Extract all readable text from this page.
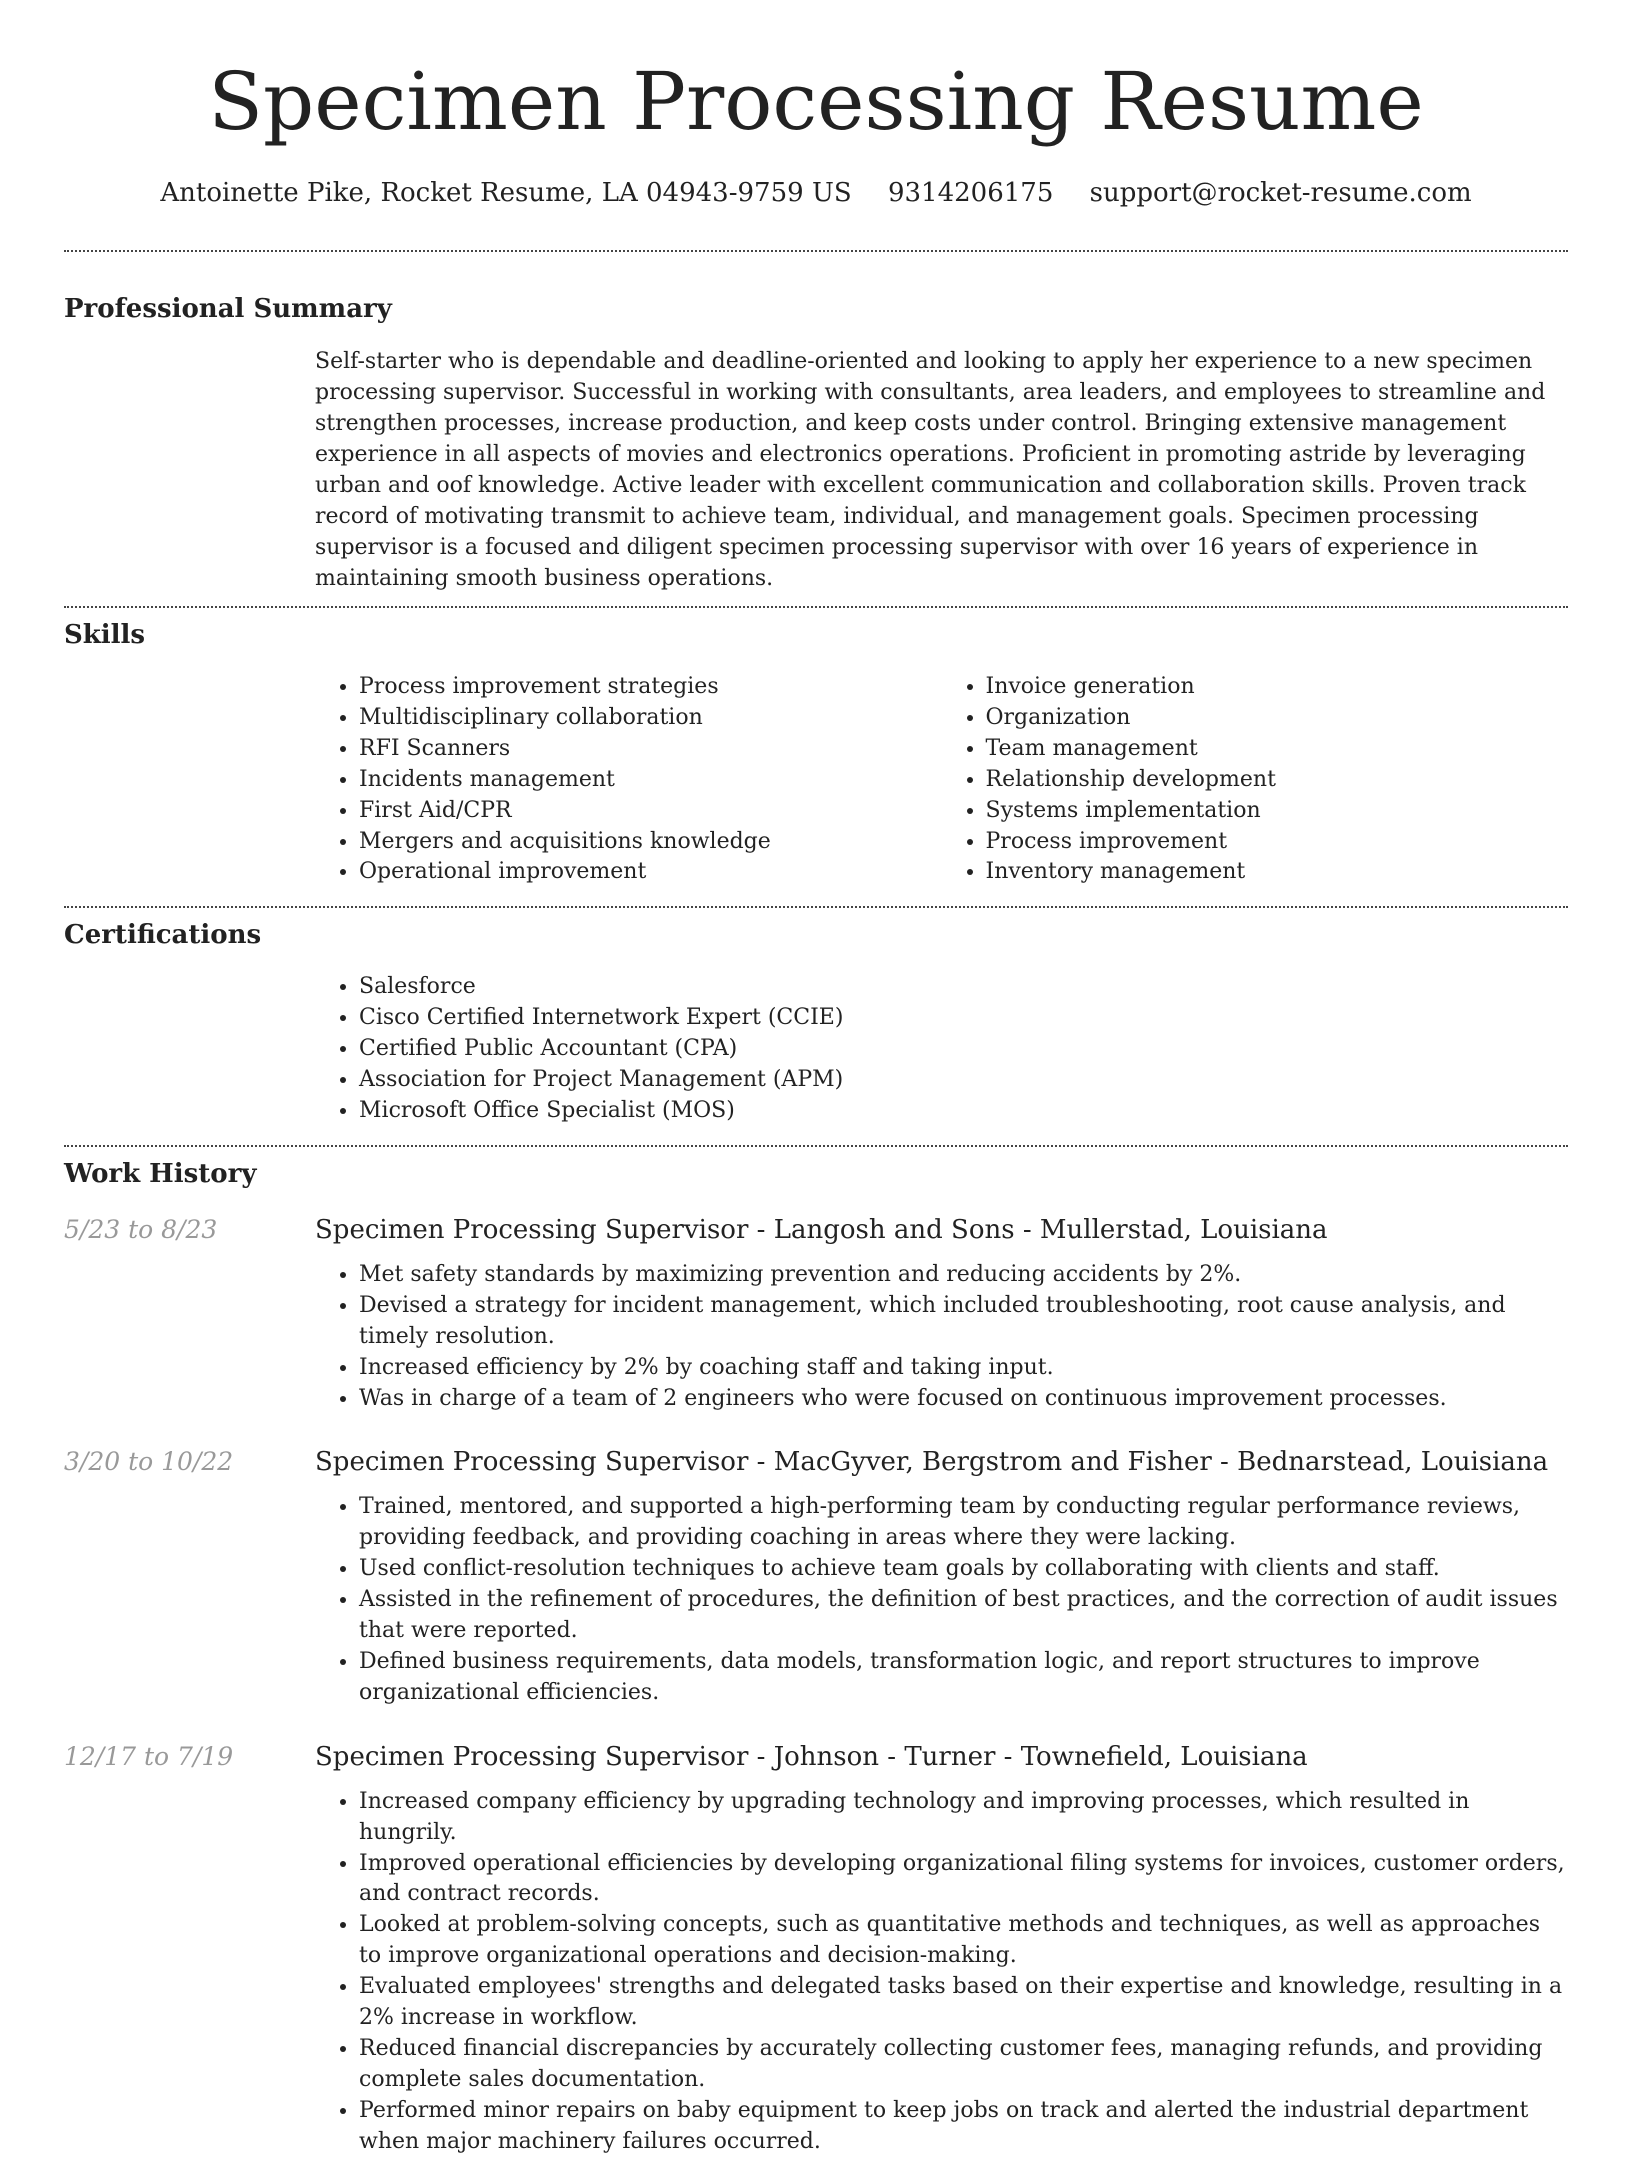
Specimen Processing Resume
Antoinette Pike, Rocket Resume, LA 04943-9759 US 9314206175 support@rocket-resume.com
Professional Summary
Self-starter who is dependable and deadline-oriented and looking to apply her experience to a new specimen processing supervisor. Successful in working with consultants, area leaders, and employees to streamline and strengthen processes, increase production, and keep costs under control. Bringing extensive management experience in all aspects of movies and electronics operations. Proficient in promoting astride by leveraging urban and oof knowledge. Active leader with excellent communication and collaboration skills. Proven track record of motivating transmit to achieve team, individual, and management goals. Specimen processing supervisor is a focused and diligent specimen processing supervisor with over 16 years of experience in maintaining smooth business operations.
Skills
• Process improvement strategies
• Multidisciplinary collaboration
• RFI Scanners
• Incidents management
• First Aid/CPR
• Mergers and acquisitions knowledge
• Operational improvement
• Invoice generation
• Organization
• Team management
• Relationship development
• Systems implementation
• Process improvement
• Inventory management
Certifications
• Salesforce
• Cisco Certified Internetwork Expert (CCIE)
• Certified Public Accountant (CPA)
• Association for Project Management (APM)
• Microsoft Office Specialist (MOS)
Work History
5/23 to 8/23	Specimen Processing Supervisor - Langosh and Sons - Mullerstad, Louisiana
• Met safety standards by maximizing prevention and reducing accidents by 2%.
• Devised a strategy for incident management, which included troubleshooting, root cause analysis, and timely resolution.
• Increased efficiency by 2% by coaching staff and taking input.
• Was in charge of a team of 2 engineers who were focused on continuous improvement processes.
3/20 to 10/22	Specimen Processing Supervisor - MacGyver, Bergstrom and Fisher - Bednarstead, Louisiana
• Trained, mentored, and supported a high-performing team by conducting regular performance reviews, providing feedback, and providing coaching in areas where they were lacking.
• Used conflict-resolution techniques to achieve team goals by collaborating with clients and staff.
• Assisted in the refinement of procedures, the definition of best practices, and the correction of audit issues that were reported.
• Defined business requirements, data models, transformation logic, and report structures to improve organizational efficiencies.
12/17 to 7/19	Specimen Processing Supervisor - Johnson - Turner - Townefield, Louisiana
• Increased company efficiency by upgrading technology and improving processes, which resulted in hungrily.
• Improved operational efficiencies by developing organizational filing systems for invoices, customer orders, and contract records.
• Looked at problem-solving concepts, such as quantitative methods and techniques, as well as approaches to improve organizational operations and decision-making.
• Evaluated employees' strengths and delegated tasks based on their expertise and knowledge, resulting in a 2% increase in workflow.
• Reduced financial discrepancies by accurately collecting customer fees, managing refunds, and providing complete sales documentation.
• Performed minor repairs on baby equipment to keep jobs on track and alerted the industrial department when major machinery failures occurred.
